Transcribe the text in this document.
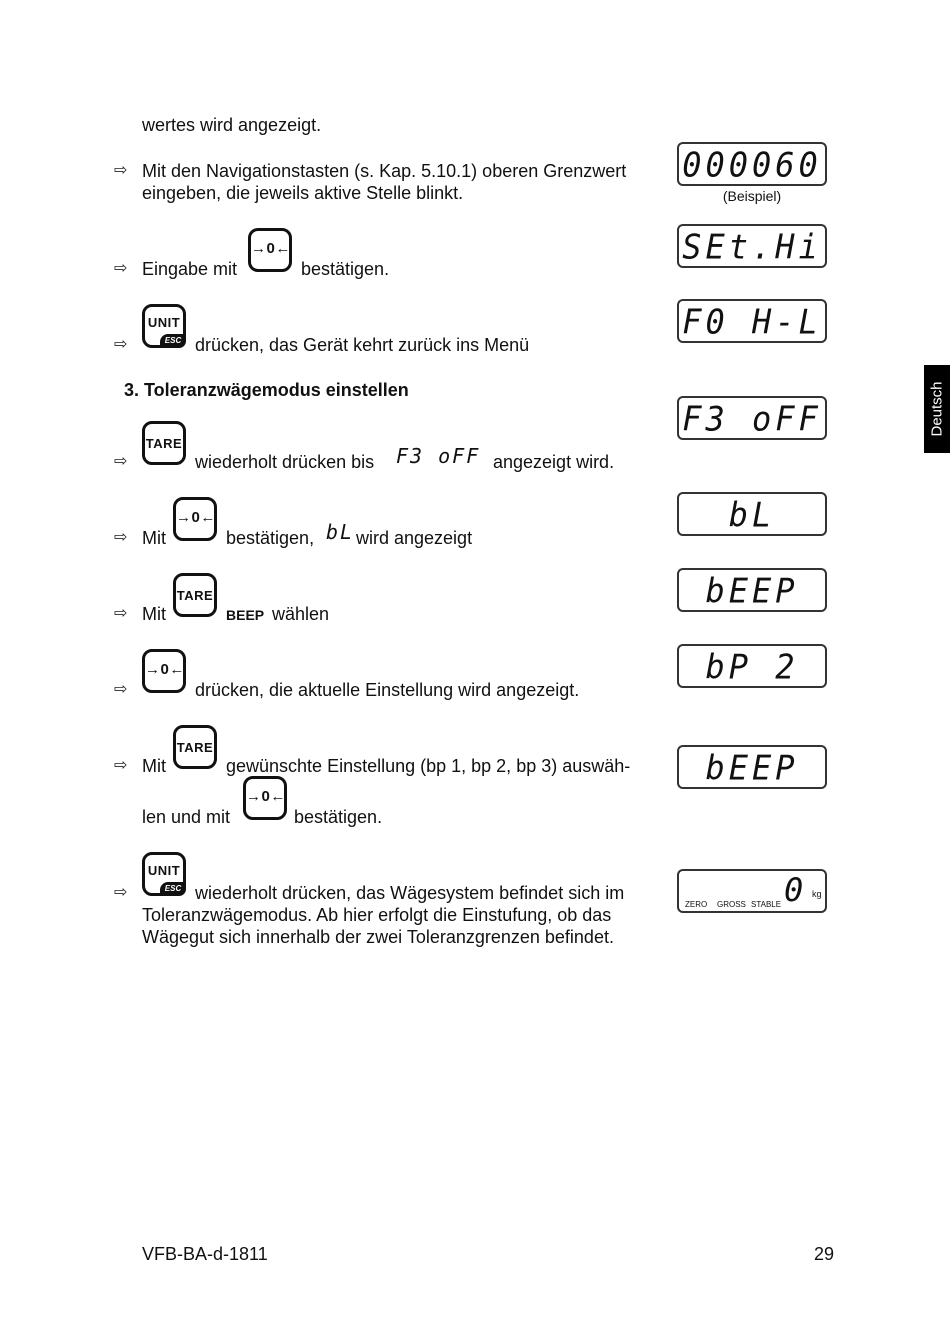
Deutsch
wertes wird angezeigt.
⇨ Mit den Navigationstasten (s. Kap. 5.10.1) oberen Grenzwert
eingeben, die jeweils aktive Stelle blinkt.
⇨ Eingabe mit
→0←
bestätigen.
⇨
UNIT
ESC drücken, das Gerät kehrt zurück ins Menü
3. Toleranzwägemodus einstellen
⇨
TARE
wiederholt drücken bis F3 oFF angezeigt wird.
⇨ Mit
→0←
bestätigen, bL wird angezeigt
⇨ Mit
TARE
BEEP wählen
⇨
→0←
drücken, die aktuelle Einstellung wird angezeigt.
⇨ Mit
TARE
gewünschte Einstellung (bp 1, bp 2, bp 3) auswäh-
len und mit
→0←
bestätigen.
⇨
UNIT
ESC wiederholt drücken, das Wägesystem befindet sich im
Toleranzwägemodus. Ab hier erfolgt die Einstufung, ob das
Wägegut sich innerhalb der zwei Toleranzgrenzen befindet.
000060
(Beispiel)
SEt.Hi
F0 H-L
F3 oFF
bL
bEEP
bP 2
bEEP
ZERO GROSS STABLE 0 kg
VFB-BA-d-1811	29
